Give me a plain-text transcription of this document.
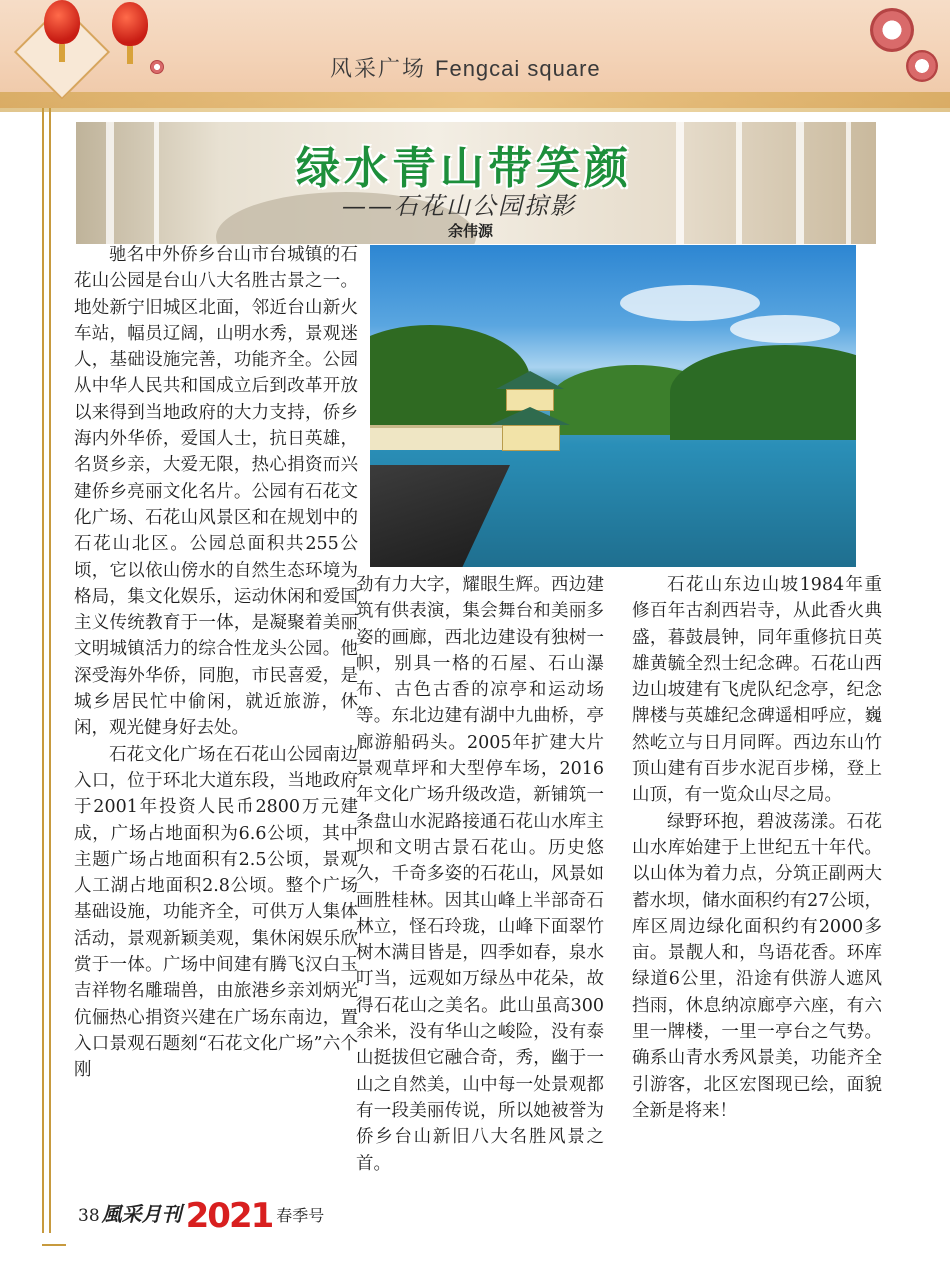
风采广场 Fengcai square
绿水青山带笑颜
——石花山公园掠影
余伟源

驰名中外侨乡台山市台城镇的石花山公园是台山八大名胜古景之一。地处新宁旧城区北面，邻近台山新火车站，幅员辽阔，山明水秀，景观迷人，基础设施完善，功能齐全。公园从中华人民共和国成立后到改革开放以来得到当地政府的大力支持，侨乡海内外华侨，爱国人士，抗日英雄，名贤乡亲，大爱无限，热心捐资而兴建侨乡亮丽文化名片。公园有石花文化广场、石花山风景区和在规划中的石花山北区。公园总面积共255公顷，它以依山傍水的自然生态环境为格局，集文化娱乐，运动休闲和爱国主义传统教育于一体，是凝聚着美丽文明城镇活力的综合性龙头公园。他深受海外华侨，同胞，市民喜爱，是城乡居民忙中偷闲，就近旅游，休闲，观光健身好去处。

石花文化广场在石花山公园南边入口，位于环北大道东段，当地政府于2001年投资人民币2800万元建成，广场占地面积为6.6公顷，其中主题广场占地面积有2.5公顷，景观人工湖占地面积2.8公顷。整个广场基础设施，功能齐全，可供万人集体活动，景观新颖美观，集休闲娱乐欣赏于一体。广场中间建有腾飞汉白玉吉祥物名雕瑞兽，由旅港乡亲刘炳光伉俪热心捐资兴建在广场东南边，置入口景观石题刻“石花文化广场”六个刚

劲有力大字，耀眼生辉。西边建筑有供表演，集会舞台和美丽多姿的画廊，西北边建设有独树一帜，别具一格的石屋、石山瀑布、古色古香的凉亭和运动场等。东北边建有湖中九曲桥，亭廊游船码头。2005年扩建大片景观草坪和大型停车场，2016年文化广场升级改造，新铺筑一条盘山水泥路接通石花山水库主坝和文明古景石花山。历史悠久，千奇多姿的石花山，风景如画胜桂林。因其山峰上半部奇石林立，怪石玲珑，山峰下面翠竹树木满目皆是，四季如春，泉水叮当，远观如万绿丛中花朵，故得石花山之美名。此山虽高300余米，没有华山之峻险，没有泰山挺拔但它融合奇，秀，幽于一山之自然美，山中每一处景观都有一段美丽传说，所以她被誉为侨乡台山新旧八大名胜风景之首。

石花山东边山坡1984年重修百年古刹西岩寺，从此香火典盛，暮鼓晨钟，同年重修抗日英雄黄毓全烈士纪念碑。石花山西边山坡建有飞虎队纪念亭，纪念牌楼与英雄纪念碑遥相呼应，巍然屹立与日月同晖。西边东山竹顶山建有百步水泥百步梯，登上山顶，有一览众山尽之局。

绿野环抱，碧波荡漾。石花山水库始建于上世纪五十年代。以山体为着力点，分筑正副两大蓄水坝，储水面积约有27公顷，库区周边绿化面积约有2000多亩。景靓人和，鸟语花香。环库绿道6公里，沿途有供游人遮风挡雨，休息纳凉廊亭六座，有六里一牌楼，一里一亭台之气势。确系山青水秀风景美，功能齐全引游客，北区宏图现已绘，面貌全新是将来！

38 風采月刊 2021 春季号
